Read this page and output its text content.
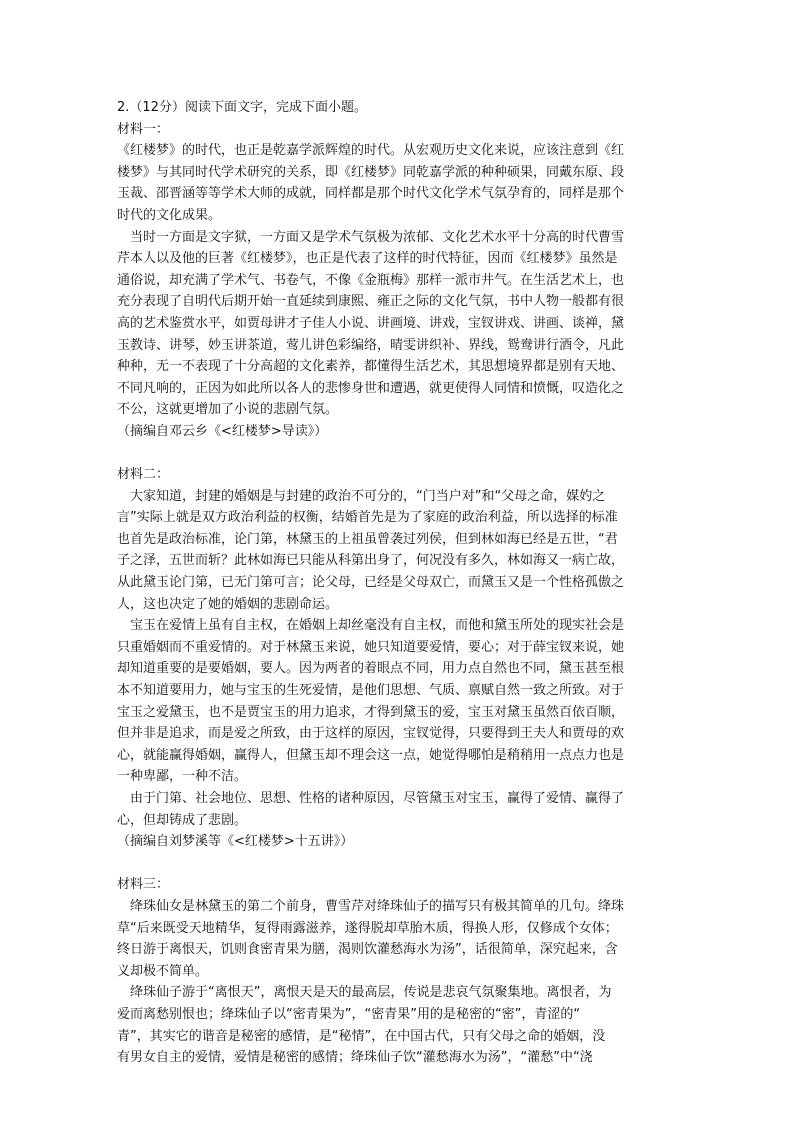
2.（12分）阅读下面文字，完成下面小题。

材料一：

《红楼梦》的时代，也正是乾嘉学派辉煌的时代。从宏观历史文化来说，应该注意到《红

楼梦》与其同时代学术研究的关系，即《红楼梦》同乾嘉学派的种种硕果，同戴东原、段

玉裁、邵晋涵等等学术大师的成就，同样都是那个时代文化学术气氛孕育的，同样是那个

时代的文化成果。

当时一方面是文字狱，一方面又是学术气氛极为浓郁、文化艺术水平十分高的时代曹雪

芹本人以及他的巨著《红楼梦》，也正是代表了这样的时代特征，因而《红楼梦》虽然是

通俗说，却充满了学术气、书卷气，不像《金瓶梅》那样一派市井气。在生活艺术上，也

充分表现了自明代后期开始一直延续到康熙、雍正之际的文化气氛，书中人物一般都有很

高的艺术鉴赏水平，如贾母讲才子佳人小说、讲画境、讲戏，宝钗讲戏、讲画、谈禅，黛

玉教诗、讲琴，妙玉讲茶道，莺儿讲色彩编络，晴雯讲织补、界线，鸳鸯讲行酒令，凡此

种种，无一不表现了十分高超的文化素养，都懂得生活艺术，其思想境界都是别有天地、

不同凡响的，正因为如此所以各人的悲惨身世和遭遇，就更使得人同情和愤慨，叹造化之

不公，这就更增加了小说的悲剧气氛。

（摘编自邓云乡《<红楼梦>导读》）

材料二：

大家知道，封建的婚姻是与封建的政治不可分的，“门当户对”和“父母之命，媒妁之

言”实际上就是双方政治利益的权衡，结婚首先是为了家庭的政治利益，所以选择的标准

也首先是政治标准，论门第，林黛玉的上祖虽曾袭过列侯，但到林如海已经是五世，“君

子之泽，五世而斩？此林如海已只能从科第出身了，何况没有多久，林如海又一病亡故，

从此黛玉论门第，已无门第可言；论父母，已经是父母双亡，而黛玉又是一个性格孤傲之

人，这也决定了她的婚姻的悲剧命运。

宝玉在爱情上虽有自主权，在婚姻上却丝毫没有自主权，而他和黛玉所处的现实社会是

只重婚姻而不重爱情的。对于林黛玉来说，她只知道要爱情，要心；对于薛宝钗来说，她

却知道重要的是要婚姻，要人。因为两者的着眼点不同，用力点自然也不同，黛玉甚至根

本不知道要用力，她与宝玉的生死爱情，是他们思想、气质、禀赋自然一致之所致。对于

宝玉之爱黛玉，也不是贾宝玉的用力追求，才得到黛玉的爱，宝玉对黛玉虽然百依百顺，

但并非是追求，而是爱之所致，由于这样的原因，宝钗觉得，只要得到王夫人和贾母的欢

心，就能赢得婚姻，赢得人，但黛玉却不理会这一点，她觉得哪怕是稍稍用一点点力也是

一种卑鄙，一种不洁。

由于门第、社会地位、思想、性格的诸种原因，尽管黛玉对宝玉，赢得了爱情、赢得了

心，但却铸成了悲剧。

（摘编自刘梦溪等《<红楼梦>十五讲》）

材料三：

绛珠仙女是林黛玉的第二个前身，曹雪芹对绛珠仙子的描写只有极其简单的几句。绛珠

草“后来既受天地精华，复得雨露滋养，遂得脱却草胎木质，得换人形，仅修成个女体；

终日游于离恨天，饥则食密青果为膳，渴则饮灌愁海水为汤”，话很简单，深究起来，含

义却极不简单。

绛珠仙子游于“离恨天”，离恨天是天的最高层，传说是悲哀气氛聚集地。离恨者，为

爱而离愁别恨也；绛珠仙子以“密青果为”，“密青果”用的是秘密的“密”，青涩的“

青”，其实它的谐音是秘密的感情，是“秘情”，在中国古代，只有父母之命的婚姻，没

有男女自主的爱情，爱情是秘密的感情；绛珠仙子饮“灌愁海水为汤”，“灌愁”中“浇
